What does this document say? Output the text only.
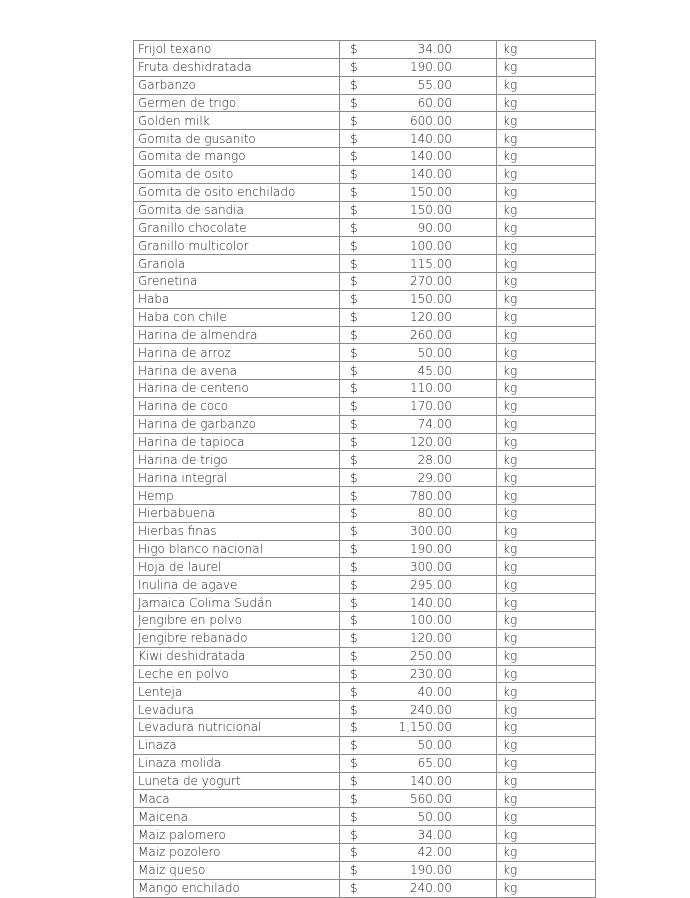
Frijol texano	$	34.00	kg
Fruta deshidratada	$	190.00	kg
Garbanzo	$	55.00	kg
Germen de trigo	$	60.00	kg
Golden milk	$	600.00	kg
Gomita de gusanito	$	140.00	kg
Gomita de mango	$	140.00	kg
Gomita de osito	$	140.00	kg
Gomita de osito enchilado	$	150.00	kg
Gomita de sandia	$	150.00	kg
Granillo chocolate	$	90.00	kg
Granillo multicolor	$	100.00	kg
Granola	$	115.00	kg
Grenetina	$	270.00	kg
Haba	$	150.00	kg
Haba con chile	$	120.00	kg
Harina de almendra	$	260.00	kg
Harina de arroz	$	50.00	kg
Harina de avena	$	45.00	kg
Harina de centeno	$	110.00	kg
Harina de coco	$	170.00	kg
Harina de garbanzo	$	74.00	kg
Harina de tapioca	$	120.00	kg
Harina de trigo	$	28.00	kg
Harina integral	$	29.00	kg
Hemp	$	780.00	kg
Hierbabuena	$	80.00	kg
Hierbas finas	$	300.00	kg
Higo blanco nacional	$	190.00	kg
Hoja de laurel	$	300.00	kg
Inulina de agave	$	295.00	kg
Jamaica Colima Sudán	$	140.00	kg
Jengibre en polvo	$	100.00	kg
Jengibre rebanado	$	120.00	kg
Kiwi deshidratada	$	250.00	kg
Leche en polvo	$	230.00	kg
Lenteja	$	40.00	kg
Levadura	$	240.00	kg
Levadura nutricional	$	1,150.00	kg
Linaza	$	50.00	kg
Linaza molida	$	65.00	kg
Luneta de yogurt	$	140.00	kg
Maca	$	560.00	kg
Maicena	$	50.00	kg
Maiz palomero	$	34.00	kg
Maiz pozolero	$	42.00	kg
Maiz queso	$	190.00	kg
Mango enchilado	$	240.00	kg
